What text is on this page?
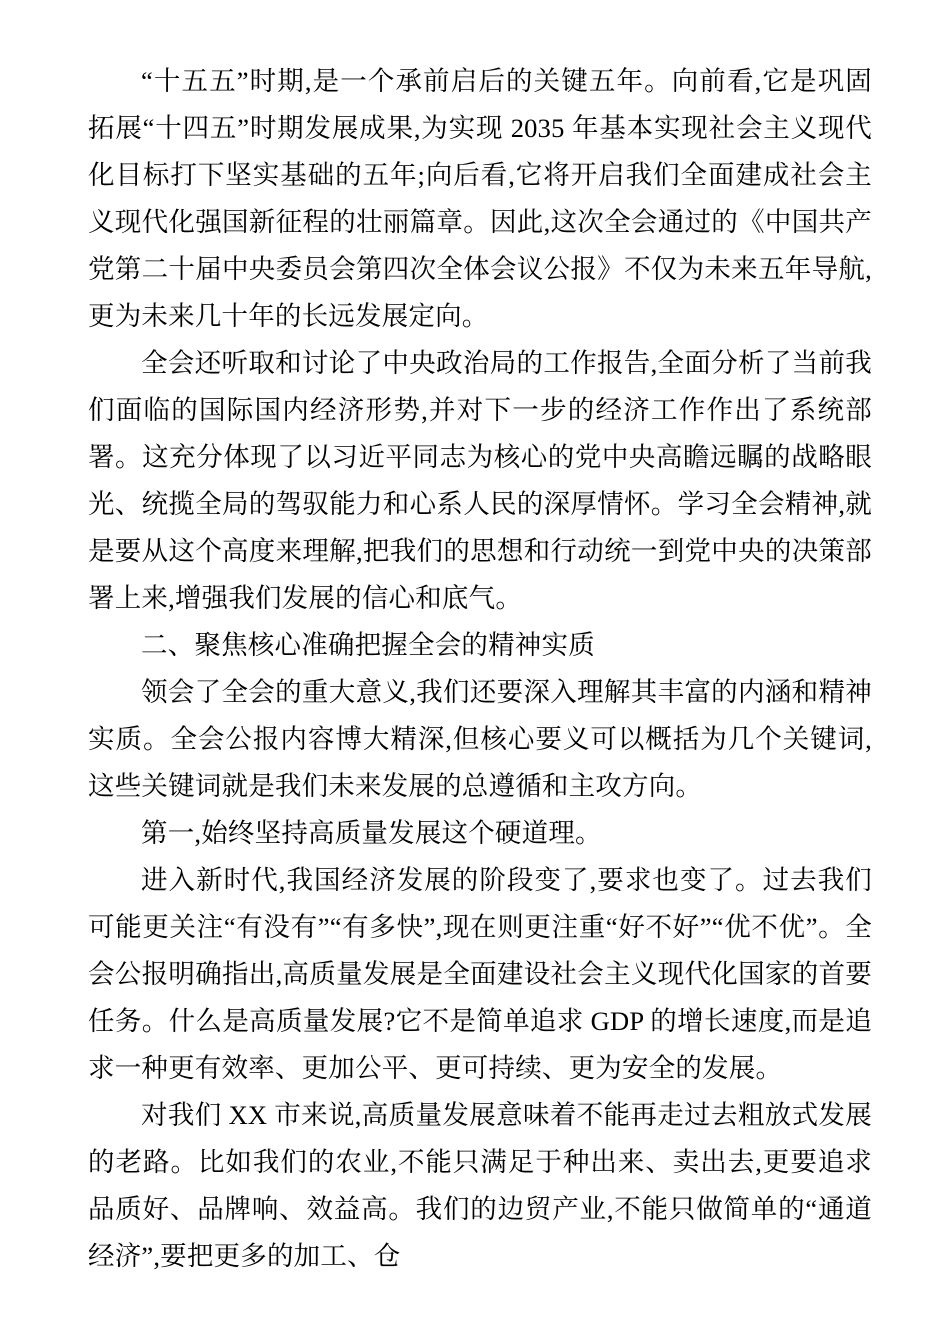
“十五五”时期,是一个承前启后的关键五年。向前看,它是巩固拓展“十四五”时期发展成果,为实现 2035 年基本实现社会主义现代化目标打下坚实基础的五年;向后看,它将开启我们全面建成社会主义现代化强国新征程的壮丽篇章。因此,这次全会通过的《中国共产党第二十届中央委员会第四次全体会议公报》不仅为未来五年导航,更为未来几十年的长远发展定向。

全会还听取和讨论了中央政治局的工作报告,全面分析了当前我们面临的国际国内经济形势,并对下一步的经济工作作出了系统部署。这充分体现了以习近平同志为核心的党中央高瞻远瞩的战略眼光、统揽全局的驾驭能力和心系人民的深厚情怀。学习全会精神,就是要从这个高度来理解,把我们的思想和行动统一到党中央的决策部署上来,增强我们发展的信心和底气。

二、聚焦核心准确把握全会的精神实质

领会了全会的重大意义,我们还要深入理解其丰富的内涵和精神实质。全会公报内容博大精深,但核心要义可以概括为几个关键词,这些关键词就是我们未来发展的总遵循和主攻方向。

第一,始终坚持高质量发展这个硬道理。

进入新时代,我国经济发展的阶段变了,要求也变了。过去我们可能更关注“有没有”“有多快”,现在则更注重“好不好”“优不优”。全会公报明确指出,高质量发展是全面建设社会主义现代化国家的首要任务。什么是高质量发展?它不是简单追求 GDP 的增长速度,而是追求一种更有效率、更加公平、更可持续、更为安全的发展。

对我们 XX 市来说,高质量发展意味着不能再走过去粗放式发展的老路。比如我们的农业,不能只满足于种出来、卖出去,更要追求品质好、品牌响、效益高。我们的边贸产业,不能只做简单的“通道经济”,要把更多的加工、仓
